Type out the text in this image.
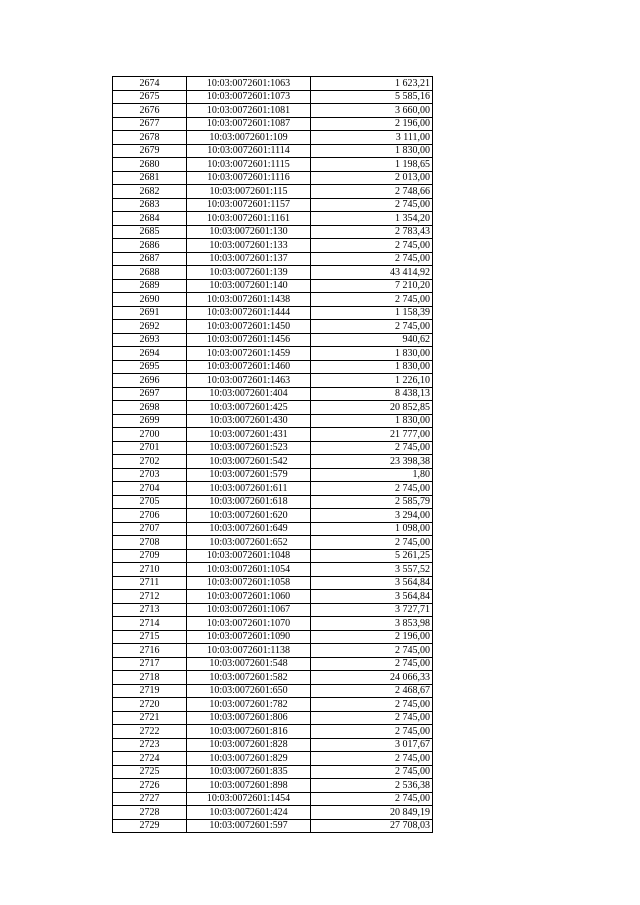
2674	10:03:0072601:1063	1 623,21
2675	10:03:0072601:1073	5 585,16
2676	10:03:0072601:1081	3 660,00
2677	10:03:0072601:1087	2 196,00
2678	10:03:0072601:109	3 111,00
2679	10:03:0072601:1114	1 830,00
2680	10:03:0072601:1115	1 198,65
2681	10:03:0072601:1116	2 013,00
2682	10:03:0072601:115	2 748,66
2683	10:03:0072601:1157	2 745,00
2684	10:03:0072601:1161	1 354,20
2685	10:03:0072601:130	2 783,43
2686	10:03:0072601:133	2 745,00
2687	10:03:0072601:137	2 745,00
2688	10:03:0072601:139	43 414,92
2689	10:03:0072601:140	7 210,20
2690	10:03:0072601:1438	2 745,00
2691	10:03:0072601:1444	1 158,39
2692	10:03:0072601:1450	2 745,00
2693	10:03:0072601:1456	940,62
2694	10:03:0072601:1459	1 830,00
2695	10:03:0072601:1460	1 830,00
2696	10:03:0072601:1463	1 226,10
2697	10:03:0072601:404	8 438,13
2698	10:03:0072601:425	20 852,85
2699	10:03:0072601:430	1 830,00
2700	10:03:0072601:431	21 777,00
2701	10:03:0072601:523	2 745,00
2702	10:03:0072601:542	23 398,38
2703	10:03:0072601:579	1,80
2704	10:03:0072601:611	2 745,00
2705	10:03:0072601:618	2 585,79
2706	10:03:0072601:620	3 294,00
2707	10:03:0072601:649	1 098,00
2708	10:03:0072601:652	2 745,00
2709	10:03:0072601:1048	5 261,25
2710	10:03:0072601:1054	3 557,52
2711	10:03:0072601:1058	3 564,84
2712	10:03:0072601:1060	3 564,84
2713	10:03:0072601:1067	3 727,71
2714	10:03:0072601:1070	3 853,98
2715	10:03:0072601:1090	2 196,00
2716	10:03:0072601:1138	2 745,00
2717	10:03:0072601:548	2 745,00
2718	10:03:0072601:582	24 066,33
2719	10:03:0072601:650	2 468,67
2720	10:03:0072601:782	2 745,00
2721	10:03:0072601:806	2 745,00
2722	10:03:0072601:816	2 745,00
2723	10:03:0072601:828	3 017,67
2724	10:03:0072601:829	2 745,00
2725	10:03:0072601:835	2 745,00
2726	10:03:0072601:898	2 536,38
2727	10:03:0072601:1454	2 745,00
2728	10:03:0072601:424	20 849,19
2729	10:03:0072601:597	27 708,03
